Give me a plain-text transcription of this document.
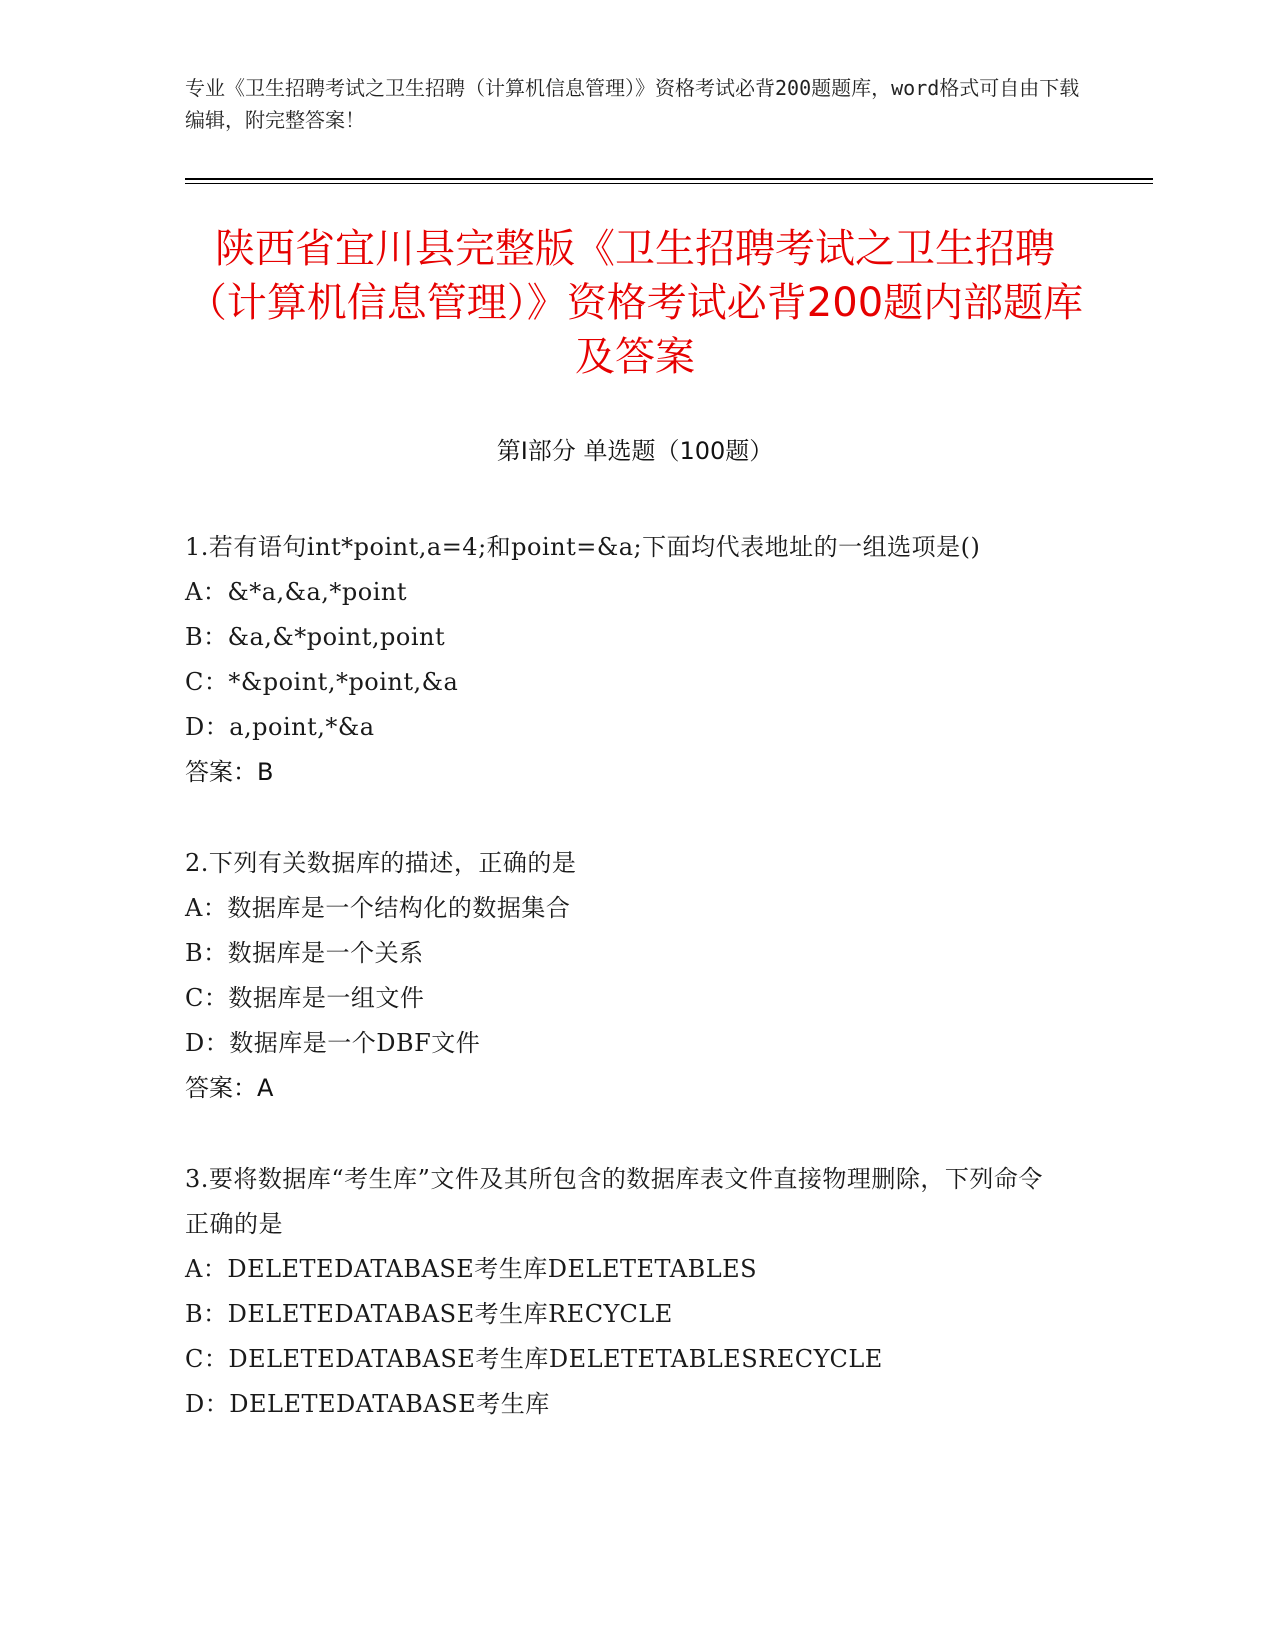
专业《卫生招聘考试之卫生招聘（计算机信息管理）》资格考试必背200题题库，word格式可自由下载编辑，附完整答案！
陕西省宜川县完整版《卫生招聘考试之卫生招聘（计算机信息管理）》资格考试必背200题内部题库及答案
第I部分 单选题（100题）
1.若有语句int*point,a=4;和point=&a;下面均代表地址的一组选项是()
A：&*a,&a,*point
B：&a,&*point,point
C：*&point,*point,&a
D：a,point,*&a
答案：B
2.下列有关数据库的描述，正确的是
A：数据库是一个结构化的数据集合
B：数据库是一个关系
C：数据库是一组文件
D：数据库是一个DBF文件
答案：A
3.要将数据库“考生库”文件及其所包含的数据库表文件直接物理删除，下列命令正确的是
A：DELETEDATABASE考生库DELETETABLES
B：DELETEDATABASE考生库RECYCLE
C：DELETEDATABASE考生库DELETETABLESRECYCLE
D：DELETEDATABASE考生库
